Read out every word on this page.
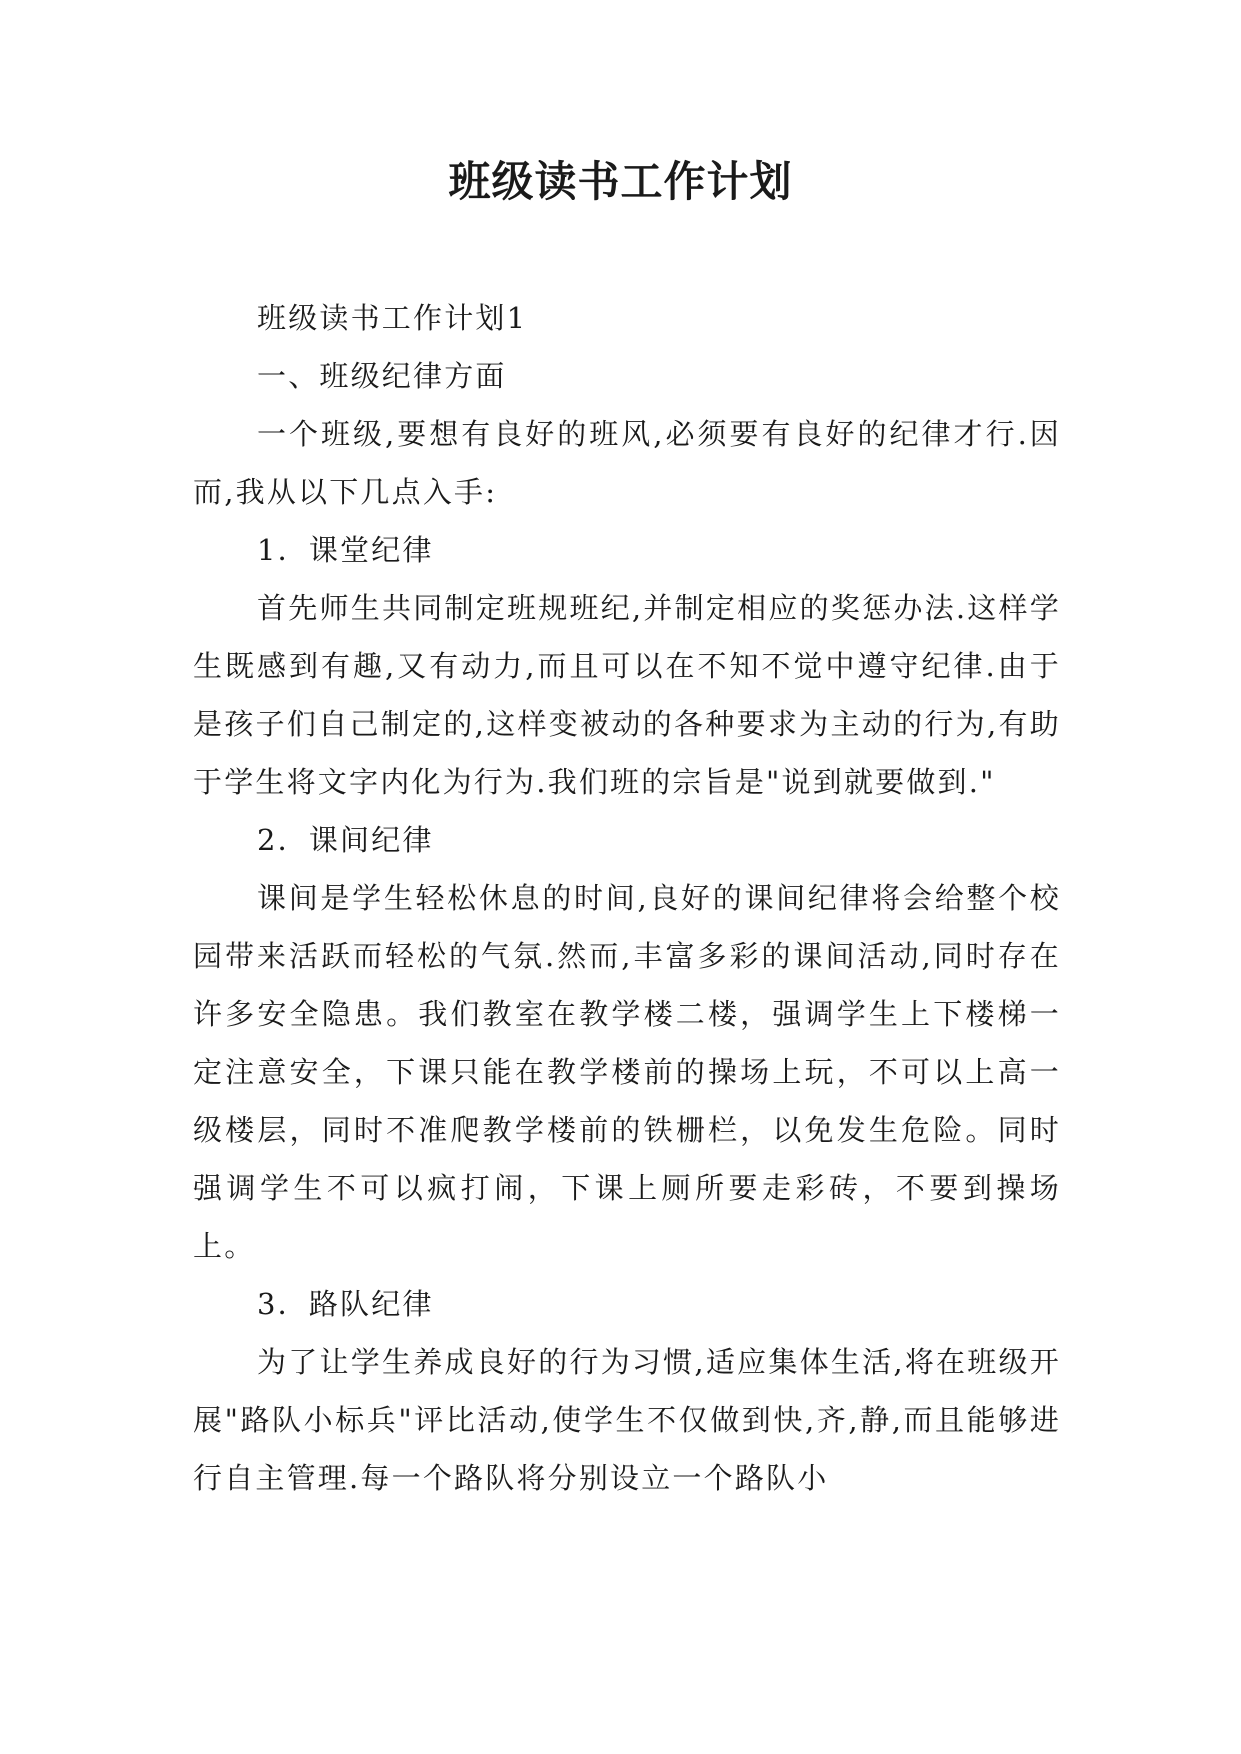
班级读书工作计划

班级读书工作计划1

一、班级纪律方面

一个班级,要想有良好的班风,必须要有良好的纪律才行.因而,我从以下几点入手:

1．课堂纪律

首先师生共同制定班规班纪,并制定相应的奖惩办法.这样学生既感到有趣,又有动力,而且可以在不知不觉中遵守纪律.由于是孩子们自己制定的,这样变被动的各种要求为主动的行为,有助于学生将文字内化为行为.我们班的宗旨是"说到就要做到."

2．课间纪律

课间是学生轻松休息的时间,良好的课间纪律将会给整个校园带来活跃而轻松的气氛.然而,丰富多彩的课间活动,同时存在许多安全隐患。我们教室在教学楼二楼，强调学生上下楼梯一定注意安全，下课只能在教学楼前的操场上玩，不可以上高一级楼层，同时不准爬教学楼前的铁栅栏，以免发生危险。同时强调学生不可以疯打闹，下课上厕所要走彩砖，不要到操场上。

3．路队纪律

为了让学生养成良好的行为习惯,适应集体生活,将在班级开展"路队小标兵"评比活动,使学生不仅做到快,齐,静,而且能够进行自主管理.每一个路队将分别设立一个路队小
